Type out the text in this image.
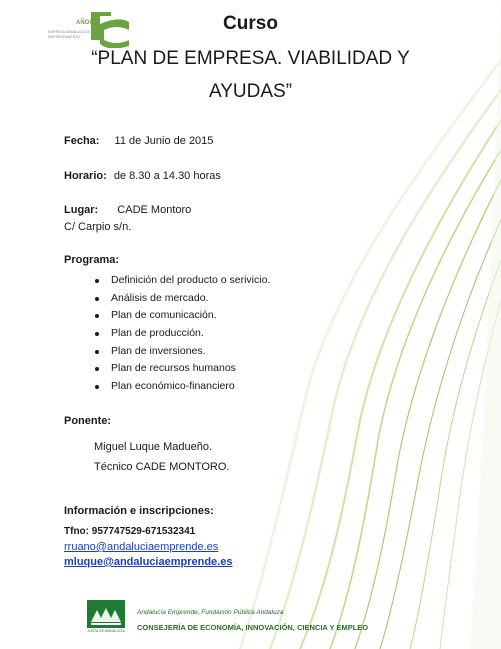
AÑOS
EMPRESA ANDALUZA DE EMPRENDIMIENTO
Curso
“PLAN DE EMPRESA. VIABILIDAD Y
AYUDAS”
Fecha: 11 de Junio de 2015
Horario: de 8.30 a 14.30 horas
Lugar: CADE Montoro
C/ Carpio s/n.
Programa:
Definición del producto o serivicio.
Análisis de mercado.
Plan de comunicación.
Plan de producción.
Plan de inversiones.
Plan de recursos humanos
Plan económico-financiero
Ponente:
Miguel Luque Madueño.
Técnico CADE MONTORO.
Información e inscripciones:
Tfno: 957747529-671532341
rruano@andaluciaemprende.es
mluque@andaluciaemprende.es
JUNTA DE ANDALUCIA
Andalucía Emprende, Fundación Pública Andaluza
CONSEJERÍA DE ECONOMÍA, INNOVACIÓN, CIENCIA Y EMPLEO
